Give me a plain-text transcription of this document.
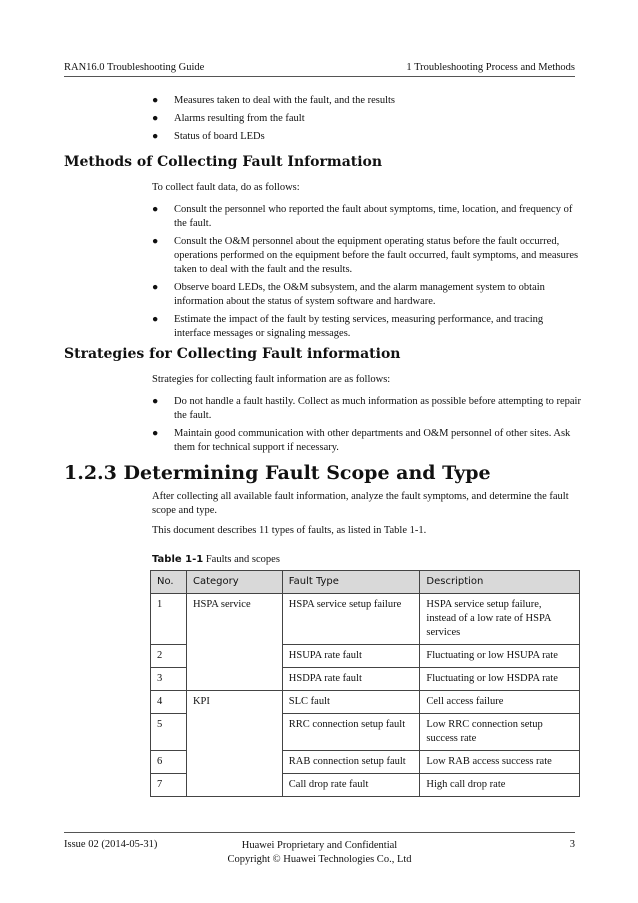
RAN16.0 Troubleshooting Guide	1 Troubleshooting Process and Methods
● Measures taken to deal with the fault, and the results
● Alarms resulting from the fault
● Status of board LEDs
Methods of Collecting Fault Information

To collect fault data, do as follows:

● Consult the personnel who reported the fault about symptoms, time, location, and frequency of the fault.
● Consult the O&M personnel about the equipment operating status before the fault occurred, operations performed on the equipment before the fault occurred, fault symptoms, and measures taken to deal with the fault and the results.
● Observe board LEDs, the O&M subsystem, and the alarm management system to obtain information about the status of system software and hardware.
● Estimate the impact of the fault by testing services, measuring performance, and tracing interface messages or signaling messages.
Strategies for Collecting Fault information

Strategies for collecting fault information are as follows:

● Do not handle a fault hastily. Collect as much information as possible before attempting to repair the fault.
● Maintain good communication with other departments and O&M personnel of other sites. Ask them for technical support if necessary.
1.2.3 Determining Fault Scope and Type

After collecting all available fault information, analyze the fault symptoms, and determine the fault scope and type.

This document describes 11 types of faults, as listed in Table 1-1.

Table 1-1 Faults and scopes
No.	Category	Fault Type	Description
1	HSPA service	HSPA service setup failure	HSPA service setup failure, instead of a low rate of HSPA services
2		HSUPA rate fault	Fluctuating or low HSUPA rate
3		HSDPA rate fault	Fluctuating or low HSDPA rate
4	KPI	SLC fault	Cell access failure
5		RRC connection setup fault	Low RRC connection setup success rate
6		RAB connection setup fault	Low RAB access success rate
7		Call drop rate fault	High call drop rate
Issue 02 (2014-05-31)	Huawei Proprietary and Confidential
Copyright © Huawei Technologies Co., Ltd
3
